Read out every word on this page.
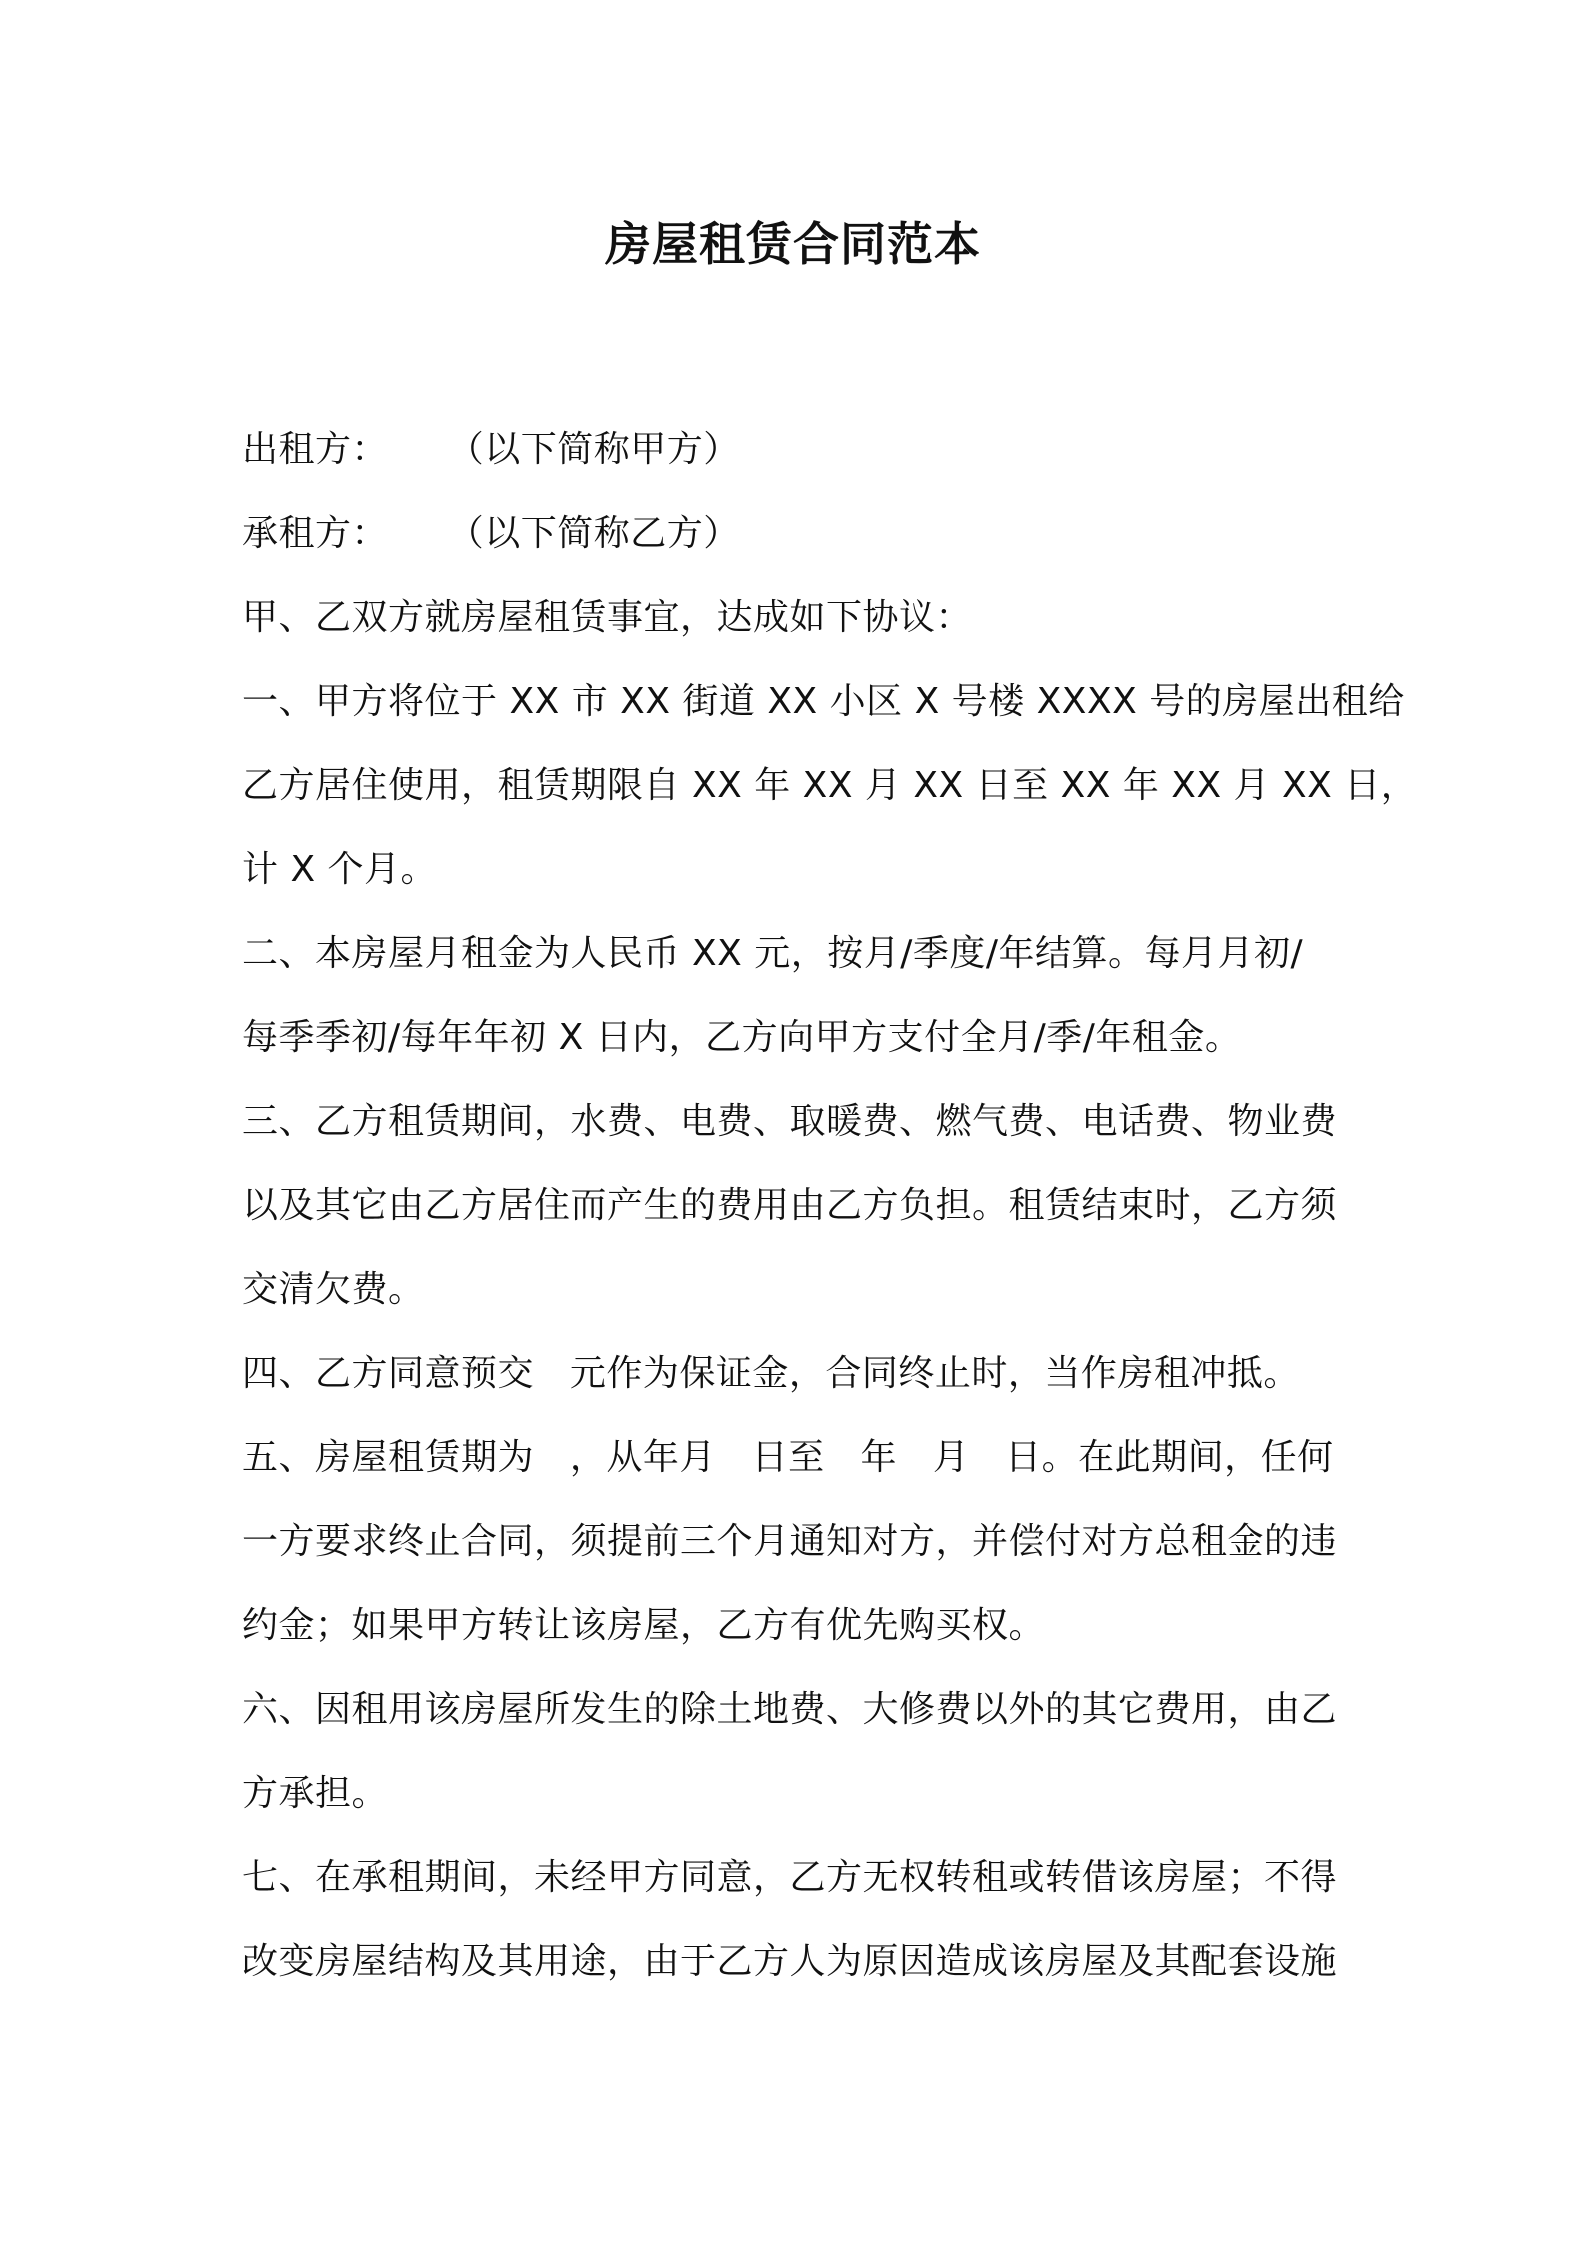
房屋租赁合同范本
出租方：     （以下简称甲方）
承租方：     （以下简称乙方）
甲、乙双方就房屋租赁事宜，达成如下协议：
一、甲方将位于 XX 市 XX 街道 XX 小区 X 号楼 XXXX 号的房屋出租给
乙方居住使用，租赁期限自 XX 年 XX 月 XX 日至 XX 年 XX 月 XX 日，
计 X 个月。
二、本房屋月租金为人民币 XX 元，按月/季度/年结算。每月月初/
每季季初/每年年初 X 日内，乙方向甲方支付全月/季/年租金。
三、乙方租赁期间，水费、电费、取暖费、燃气费、电话费、物业费
以及其它由乙方居住而产生的费用由乙方负担。租赁结束时，乙方须
交清欠费。
四、乙方同意预交   元作为保证金，合同终止时，当作房租冲抵。
五、房屋租赁期为   ，从年月   日至   年   月   日。在此期间，任何
一方要求终止合同，须提前三个月通知对方，并偿付对方总租金的违
约金；如果甲方转让该房屋，乙方有优先购买权。
六、因租用该房屋所发生的除土地费、大修费以外的其它费用，由乙
方承担。
七、在承租期间，未经甲方同意，乙方无权转租或转借该房屋；不得
改变房屋结构及其用途，由于乙方人为原因造成该房屋及其配套设施
